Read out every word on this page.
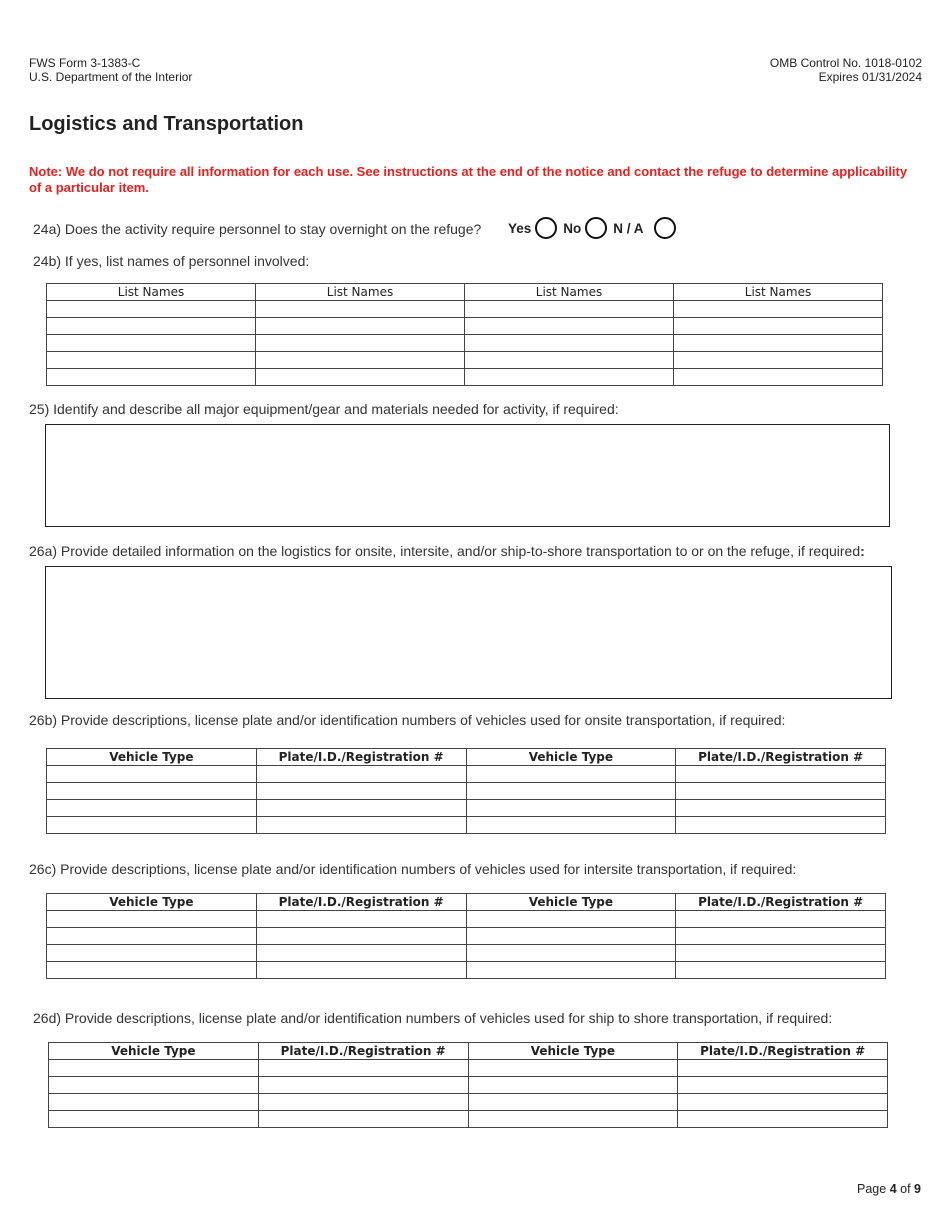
FWS Form 3-1383-C
U.S. Department of the Interior
OMB Control No. 1018-0102
Expires 01/31/2024
Logistics and Transportation
Note: We do not require all information for each use. See instructions at the end of the notice and contact the refuge to determine applicability of a particular item.
24a) Does the activity require personnel to stay overnight on the refuge? Yes No N / A
24b) If yes, list names of personnel involved:
List Names	List Names	List Names	List Names

25) Identify and describe all major equipment/gear and materials needed for activity, if required:
26a) Provide detailed information on the logistics for onsite, intersite, and/or ship-to-shore transportation to or on the refuge, if required:
26b) Provide descriptions, license plate and/or identification numbers of vehicles used for onsite transportation, if required:
Vehicle Type	Plate/I.D./Registration #	Vehicle Type	Plate/I.D./Registration #

26c) Provide descriptions, license plate and/or identification numbers of vehicles used for intersite transportation, if required:
Vehicle Type	Plate/I.D./Registration #	Vehicle Type	Plate/I.D./Registration #

26d) Provide descriptions, license plate and/or identification numbers of vehicles used for ship to shore transportation, if required:
Vehicle Type	Plate/I.D./Registration #	Vehicle Type	Plate/I.D./Registration #

Page 4 of 9
